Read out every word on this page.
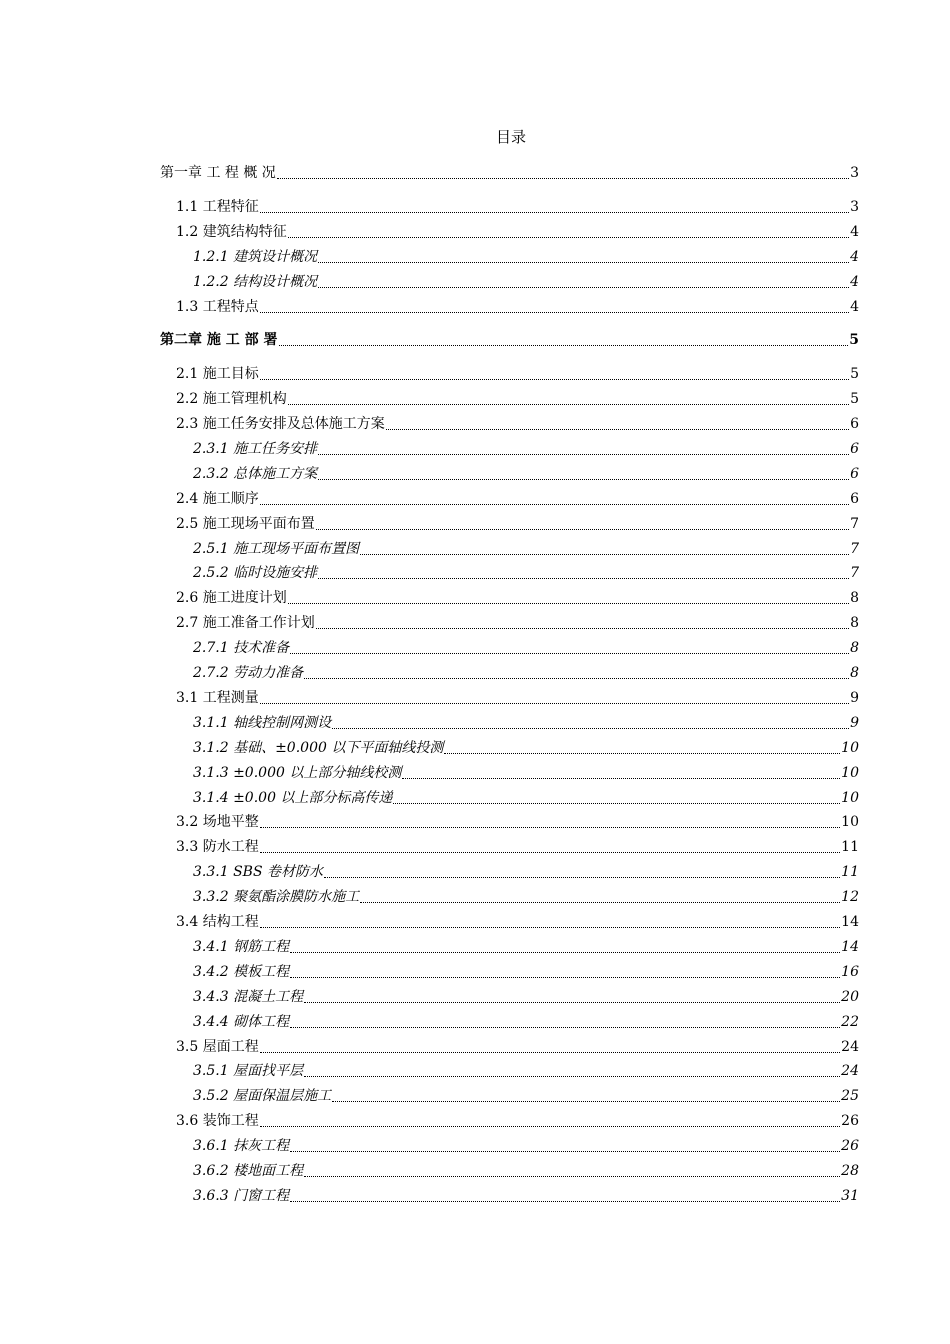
目录
第一章 工 程 概 况	3
1.1 工程特征	3
1.2 建筑结构特征	4
1.2.1 建筑设计概况	4
1.2.2 结构设计概况	4
1.3 工程特点	4
第二章 施 工 部 署	5
2.1 施工目标	5
2.2 施工管理机构	5
2.3 施工任务安排及总体施工方案	6
2.3.1 施工任务安排	6
2.3.2 总体施工方案	6
2.4 施工顺序	6
2.5 施工现场平面布置	7
2.5.1 施工现场平面布置图	7
2.5.2 临时设施安排	7
2.6 施工进度计划	8
2.7 施工准备工作计划	8
2.7.1 技术准备	8
2.7.2 劳动力准备	8
3.1 工程测量	9
3.1.1 轴线控制网测设	9
3.1.2 基础、±0.000 以下平面轴线投测	10
3.1.3 ±0.000 以上部分轴线校测	10
3.1.4 ±0.00 以上部分标高传递	10
3.2 场地平整	10
3.3 防水工程	11
3.3.1 SBS 卷材防水	11
3.3.2 聚氨酯涂膜防水施工	12
3.4 结构工程	14
3.4.1 钢筋工程	14
3.4.2 模板工程	16
3.4.3 混凝土工程	20
3.4.4 砌体工程	22
3.5 屋面工程	24
3.5.1 屋面找平层	24
3.5.2 屋面保温层施工	25
3.6 装饰工程	26
3.6.1 抹灰工程	26
3.6.2 楼地面工程	28
3.6.3 门窗工程	31
